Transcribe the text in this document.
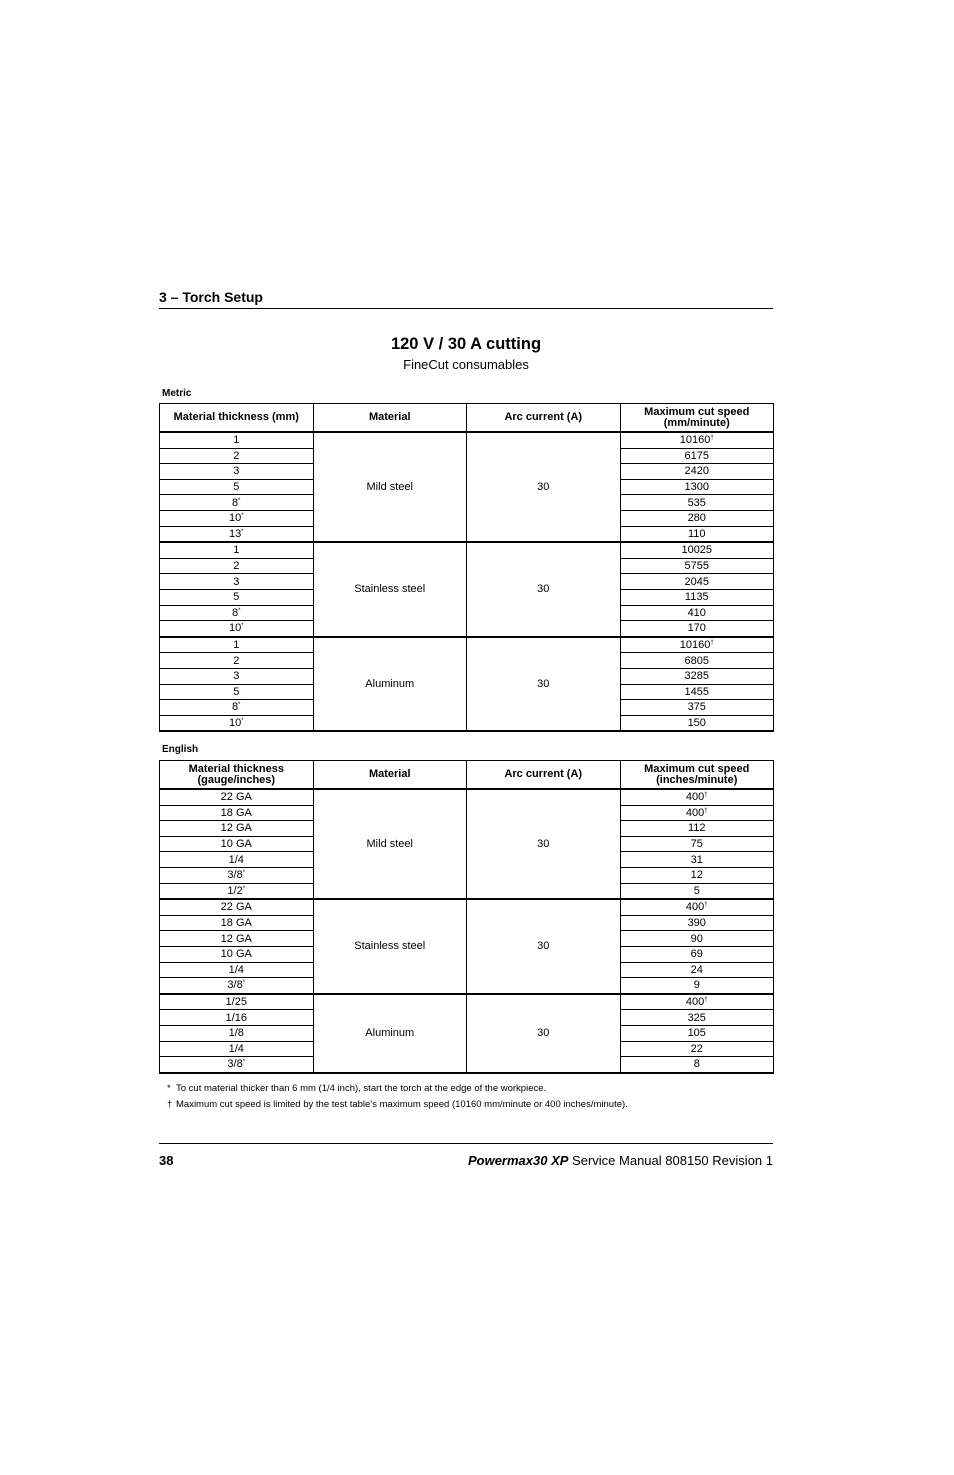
3 – Torch Setup
120 V / 30 A cutting
FineCut consumables
Metric
Material thickness (mm)	Material	Arc current (A)	Maximum cut speed (mm/minute)
1	Mild steel	30	10160†
2			6175
3			2420
5			1300
8*			535
10*			280
13*			110
1	Stainless steel	30	10025
2			5755
3			2045
5			1135
8*			410
10*			170
1	Aluminum	30	10160†
2			6805
3			3285
5			1455
8*			375
10*			150
English
Material thickness (gauge/inches)	Material	Arc current (A)	Maximum cut speed (inches/minute)
22 GA	Mild steel	30	400†
18 GA			400†
12 GA			112
10 GA			75
1/4			31
3/8*			12
1/2*			5
22 GA	Stainless steel	30	400†
18 GA			390
12 GA			90
10 GA			69
1/4			24
3/8*			9
1/25	Aluminum	30	400†
1/16			325
1/8			105
1/4			22
3/8*			8
* To cut material thicker than 6 mm (1/4 inch), start the torch at the edge of the workpiece.
† Maximum cut speed is limited by the test table’s maximum speed (10160 mm/minute or 400 inches/minute).
38	Powermax30 XP Service Manual 808150 Revision 1
